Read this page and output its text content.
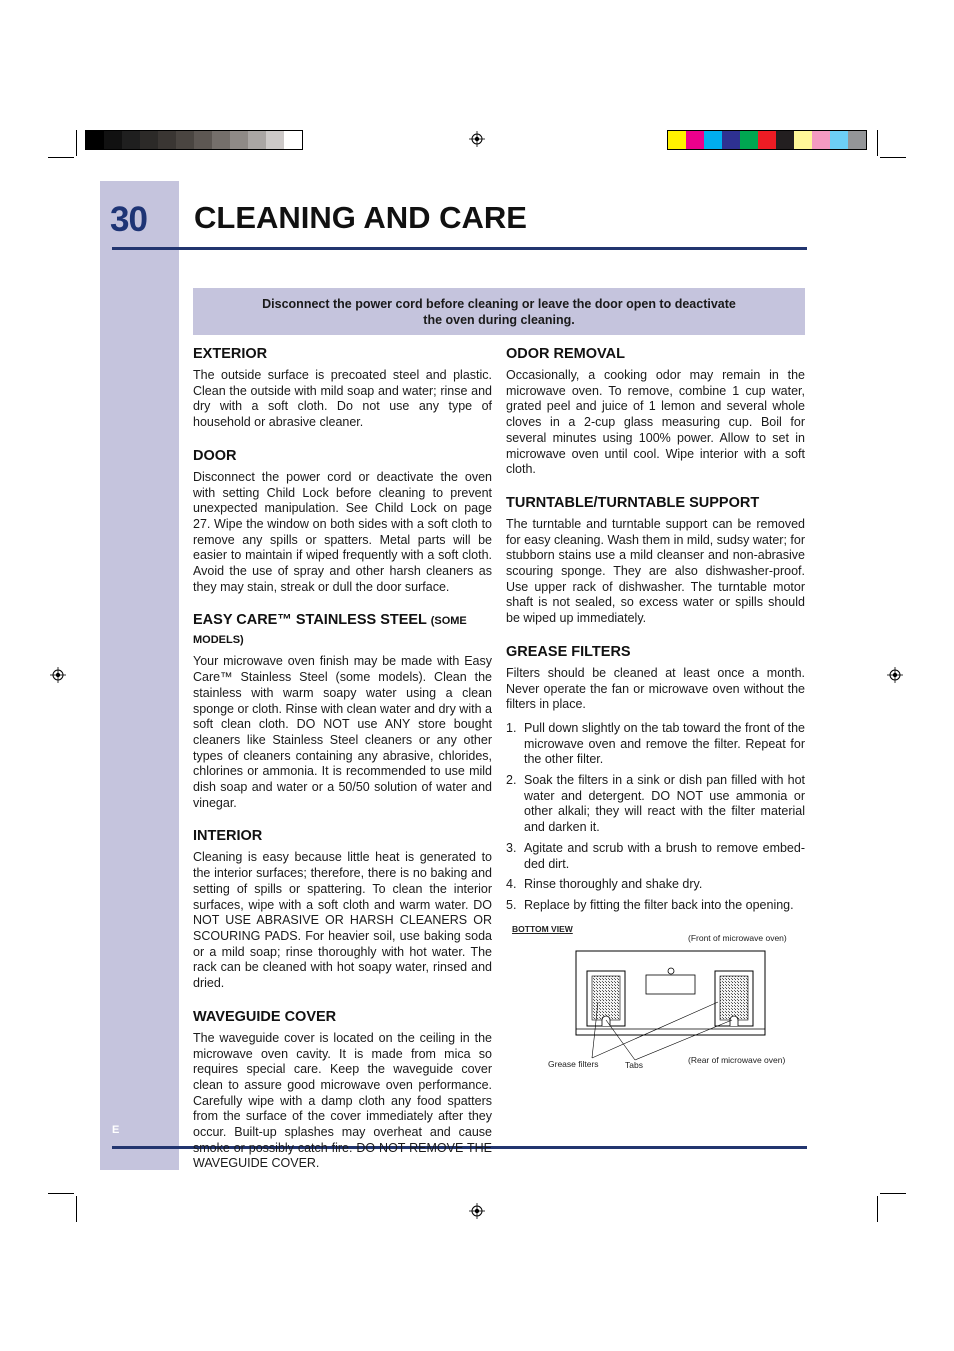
30 CLEANING AND CARE
E
Disconnect the power cord before cleaning or leave the door open to deactivate
the oven during cleaning.
EXTERIOR

The outside surface is precoated steel and plastic. Clean the outside with mild soap and water; rinse and dry with a soft cloth. Do not use any type of household or abrasive cleaner.

DOOR

Disconnect the power cord or deactivate the oven with setting Child Lock before cleaning to prevent unexpected manipulation. See Child Lock on page 27. Wipe the window on both sides with a soft cloth to remove any spills or spatters. Metal parts will be easier to maintain if wiped frequently with a soft cloth. Avoid the use of spray and other harsh cleaners as they may stain, streak or dull the door surface.

EASY CARE™ STAINLESS STEEL (SOME MODELS)

Your microwave oven finish may be made with Easy Care™ Stainless Steel (some models). Clean the stainless with warm soapy water using a clean sponge or cloth. Rinse with clean water and dry with a soft clean cloth. DO NOT use ANY store bought cleaners like Stainless Steel cleaners or any other types of cleaners containing any abrasive, chlorides, chlorines or ammonia. It is recommended to use mild dish soap and water or a 50/50 solution of water and vinegar.

INTERIOR

Cleaning is easy because little heat is generated to the interior surfaces; therefore, there is no baking and setting of spills or spattering. To clean the interior surfaces, wipe with a soft cloth and warm water. DO NOT USE ABRASIVE OR HARSH CLEANERS OR SCOURING PADS. For heavier soil, use baking soda or a mild soap; rinse thoroughly with hot water. The rack can be cleaned with hot soapy water, rinsed and dried.

WAVEGUIDE COVER

The waveguide cover is located on the ceiling in the microwave oven cavity. It is made from mica so requires special care. Keep the waveguide cover clean to assure good microwave oven performance. Carefully wipe with a damp cloth any food spatters from the surface of the cover immediately after they occur. Built-up splashes may overheat and cause smoke or possibly catch fire. DO NOT REMOVE THE WAVEGUIDE COVER.

ODOR REMOVAL

Occasionally, a cooking odor may remain in the microwave oven. To remove, combine 1 cup water, grated peel and juice of 1 lemon and several whole cloves in a 2-cup glass measuring cup. Boil for several minutes using 100% power. Allow to set in microwave oven until cool. Wipe interior with a soft cloth.

TURNTABLE/TURNTABLE SUPPORT

The turntable and turntable support can be removed for easy cleaning. Wash them in mild, sudsy water; for stubborn stains use a mild cleanser and non-abrasive scouring sponge. They are also dishwasher-proof. Use upper rack of dishwasher. The turntable motor shaft is not sealed, so excess water or spills should be wiped up immediately.

GREASE FILTERS

Filters should be cleaned at least once a month. Never operate the fan or microwave oven without the filters in place.

1. Pull down slightly on the tab toward the front of the microwave oven and remove the filter. Repeat for the other filter.
2. Soak the filters in a sink or dish pan filled with hot water and detergent. DO NOT use ammonia or other alkali; they will react with the filter material and darken it.
3. Agitate and scrub with a brush to remove embed-ded dirt.
4. Rinse thoroughly and shake dry.
5. Replace by fitting the filter back into the opening.
BOTTOM VIEW
(Front of microwave oven)
(Rear of microwave oven)
Grease filters	Tabs
